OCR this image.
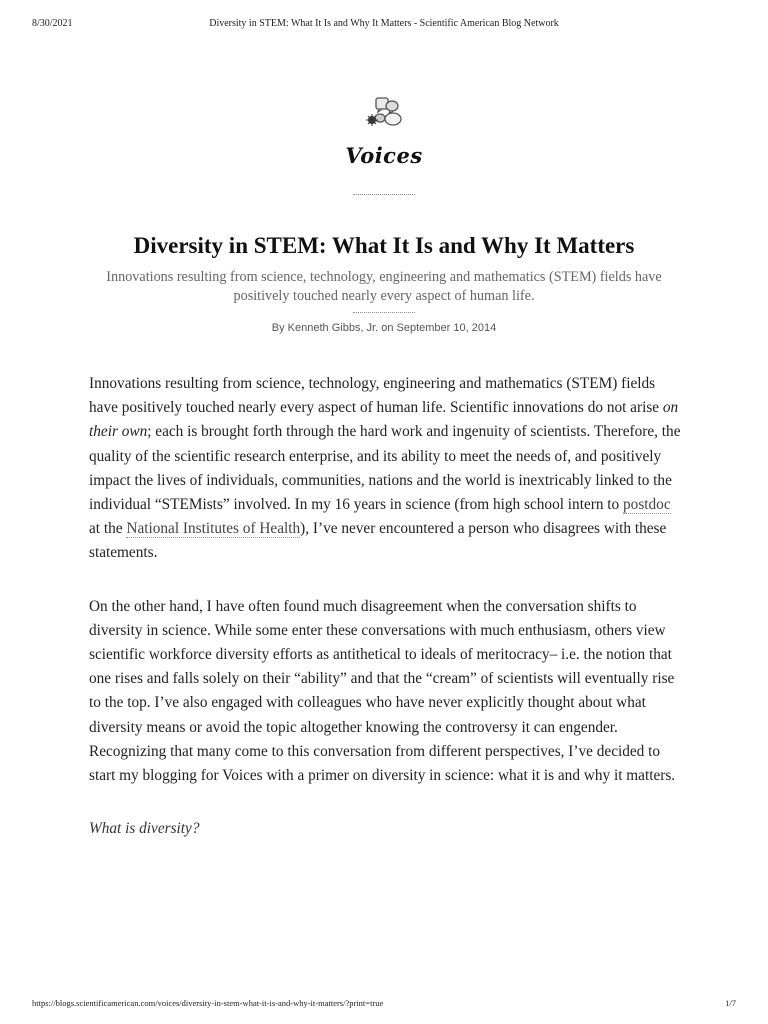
8/30/2021	Diversity in STEM: What It Is and Why It Matters - Scientific American Blog Network
Voices
Diversity in STEM: What It Is and Why It Matters
Innovations resulting from science, technology, engineering and mathematics (STEM) fields have positively touched nearly every aspect of human life.
By Kenneth Gibbs, Jr. on September 10, 2014

Innovations resulting from science, technology, engineering and mathematics (STEM) fields have positively touched nearly every aspect of human life. Scientific innovations do not arise on their own; each is brought forth through the hard work and ingenuity of scientists. Therefore, the quality of the scientific research enterprise, and its ability to meet the needs of, and positively impact the lives of individuals, communities, nations and the world is inextricably linked to the individual “STEMists” involved. In my 16 years in science (from high school intern to postdoc at the National Institutes of Health), I’ve never encountered a person who disagrees with these statements.

On the other hand, I have often found much disagreement when the conversation shifts to diversity in science. While some enter these conversations with much enthusiasm, others view scientific workforce diversity efforts as antithetical to ideals of meritocracy– i.e. the notion that one rises and falls solely on their “ability” and that the “cream” of scientists will eventually rise to the top. I’ve also engaged with colleagues who have never explicitly thought about what diversity means or avoid the topic altogether knowing the controversy it can engender. Recognizing that many come to this conversation from different perspectives, I’ve decided to start my blogging for Voices with a primer on diversity in science: what it is and why it matters.

What is diversity?

https://blogs.scientificamerican.com/voices/diversity-in-stem-what-it-is-and-why-it-matters/?print=true	1/7
